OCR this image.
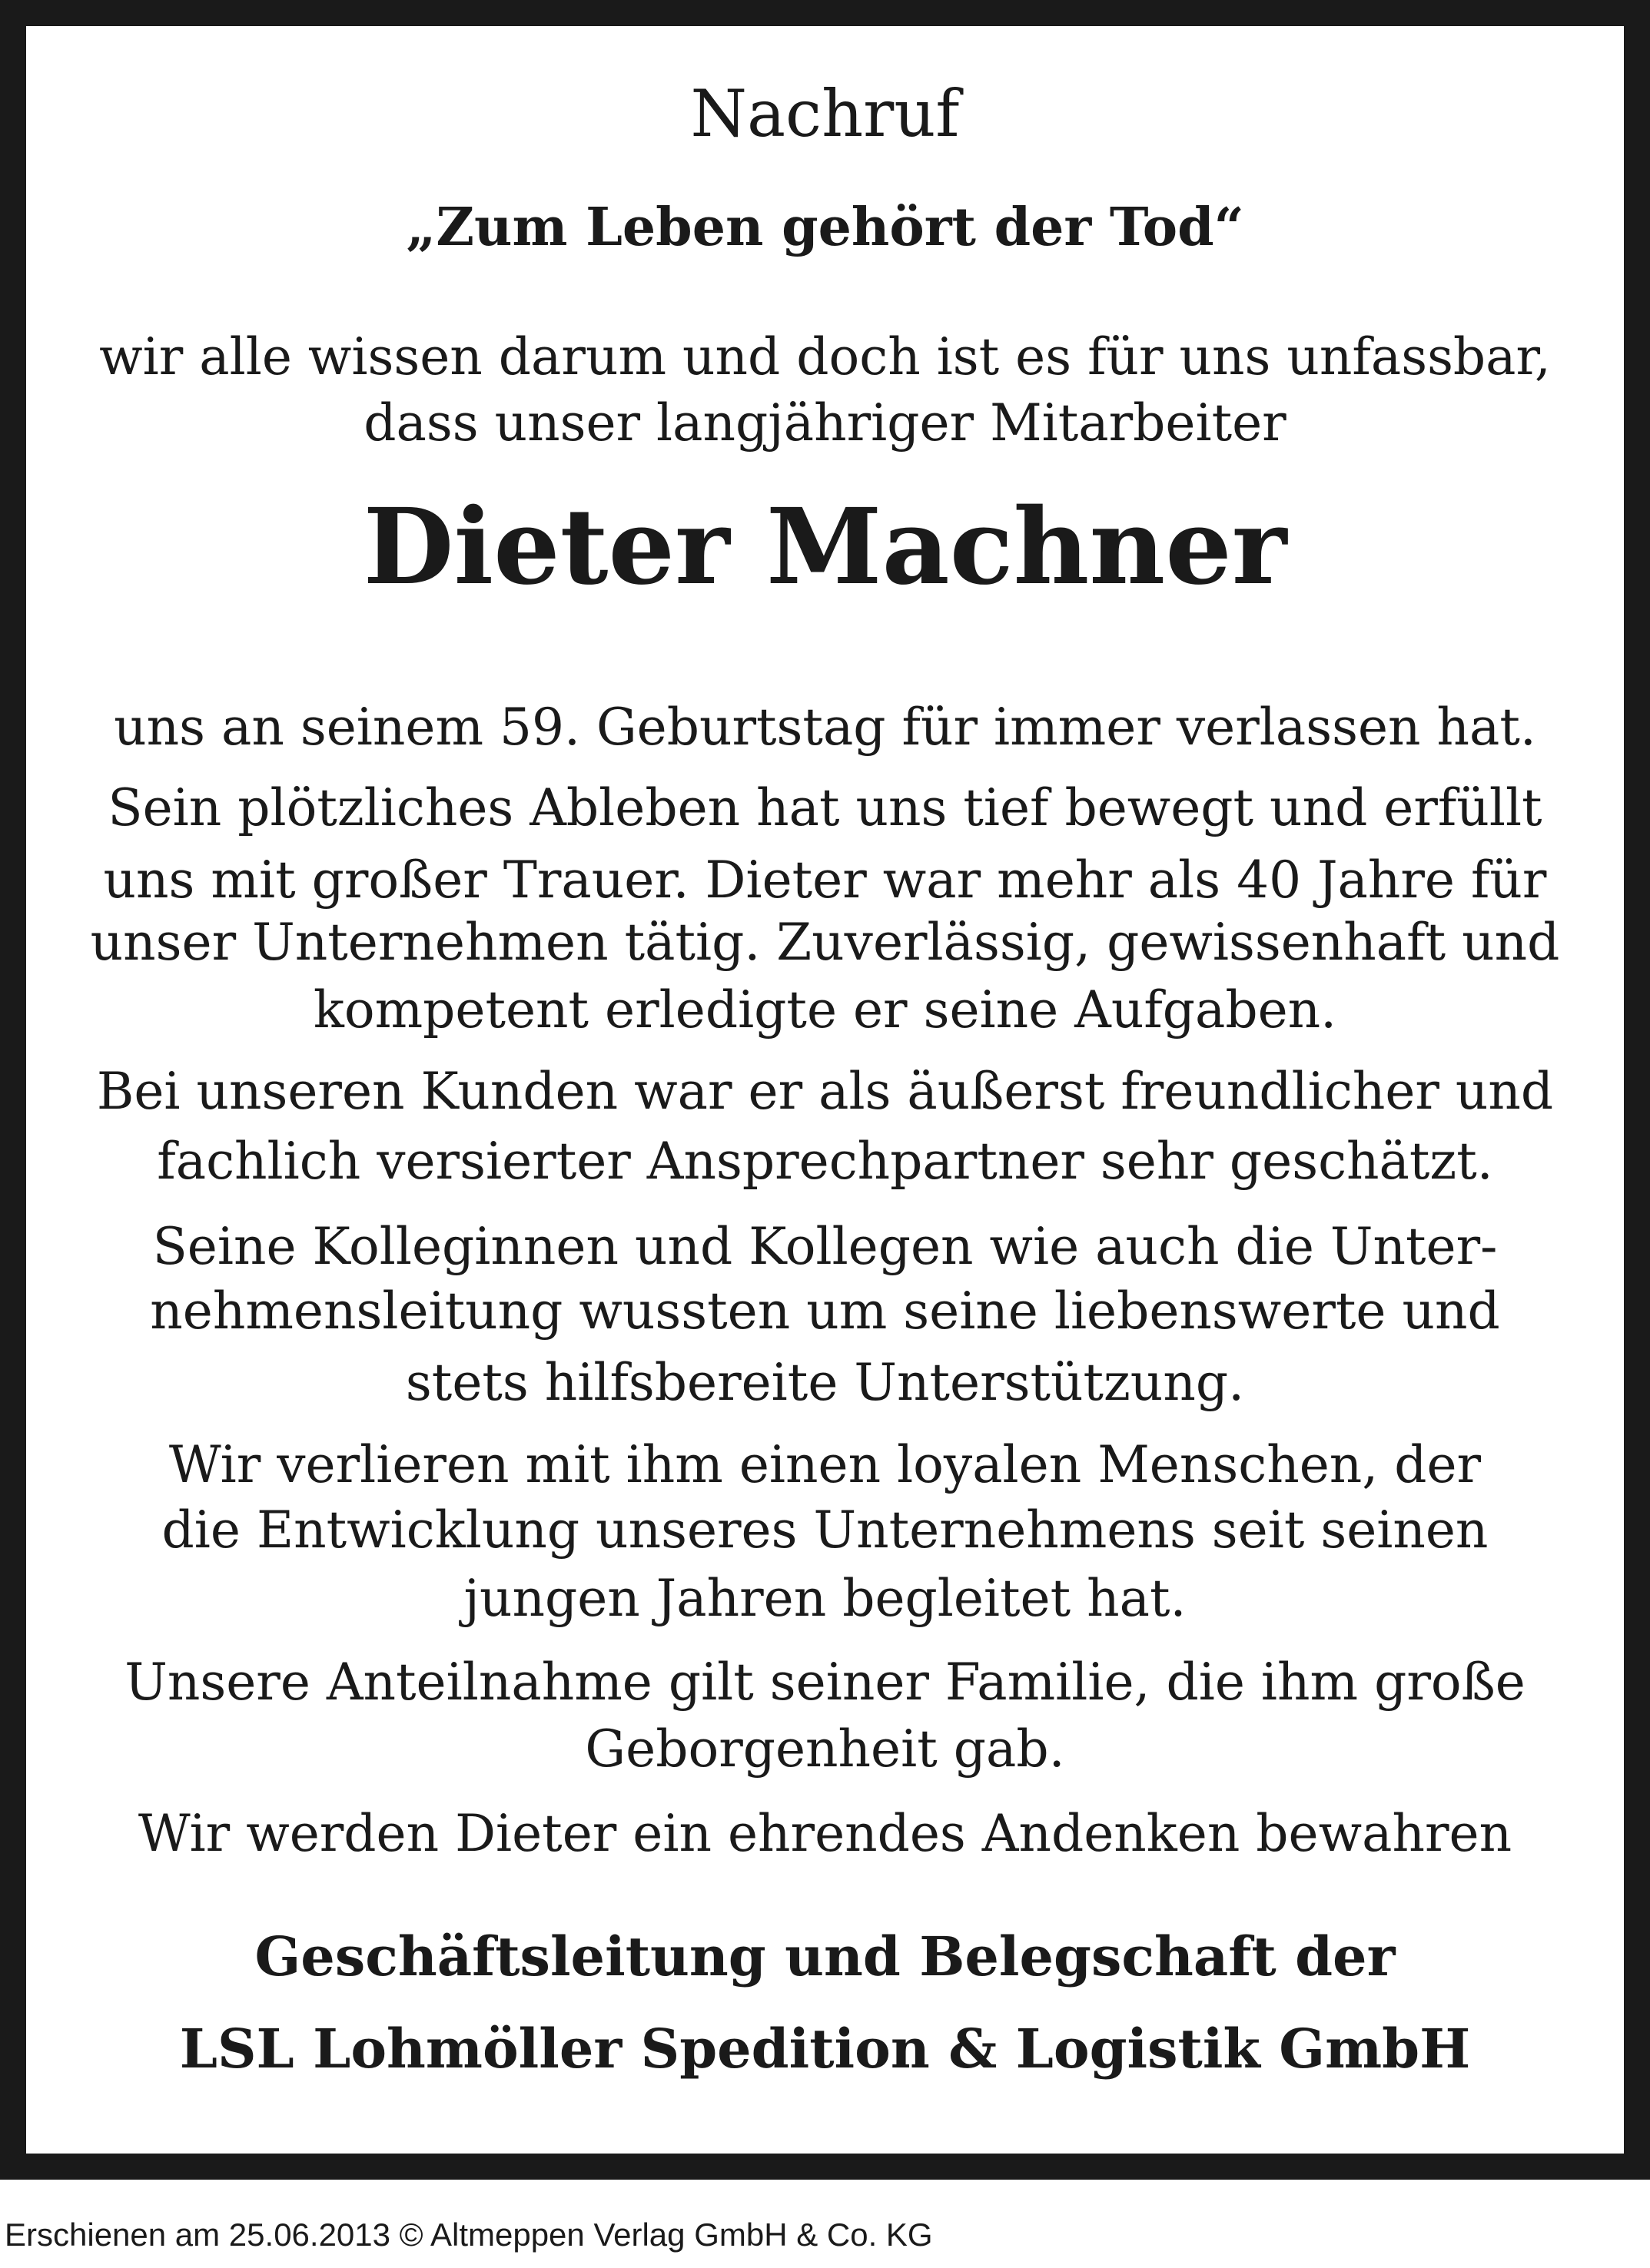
Nachruf
„Zum Leben gehört der Tod“
wir alle wissen darum und doch ist es für uns unfassbar,
dass unser langjähriger Mitarbeiter
Dieter Machner
uns an seinem 59. Geburtstag für immer verlassen hat.
Sein plötzliches Ableben hat uns tief bewegt und erfüllt
uns mit großer Trauer. Dieter war mehr als 40 Jahre für
unser Unternehmen tätig. Zuverlässig, gewissenhaft und
kompetent erledigte er seine Aufgaben.
Bei unseren Kunden war er als äußerst freundlicher und
fachlich versierter Ansprechpartner sehr geschätzt.
Seine Kolleginnen und Kollegen wie auch die Unter-
nehmensleitung wussten um seine liebenswerte und
stets hilfsbereite Unterstützung.
Wir verlieren mit ihm einen loyalen Menschen, der
die Entwicklung unseres Unternehmens seit seinen
jungen Jahren begleitet hat.
Unsere Anteilnahme gilt seiner Familie, die ihm große
Geborgenheit gab.
Wir werden Dieter ein ehrendes Andenken bewahren
Geschäftsleitung und Belegschaft der
LSL Lohmöller Spedition & Logistik GmbH
Erschienen am 25.06.2013 © Altmeppen Verlag GmbH & Co. KG
